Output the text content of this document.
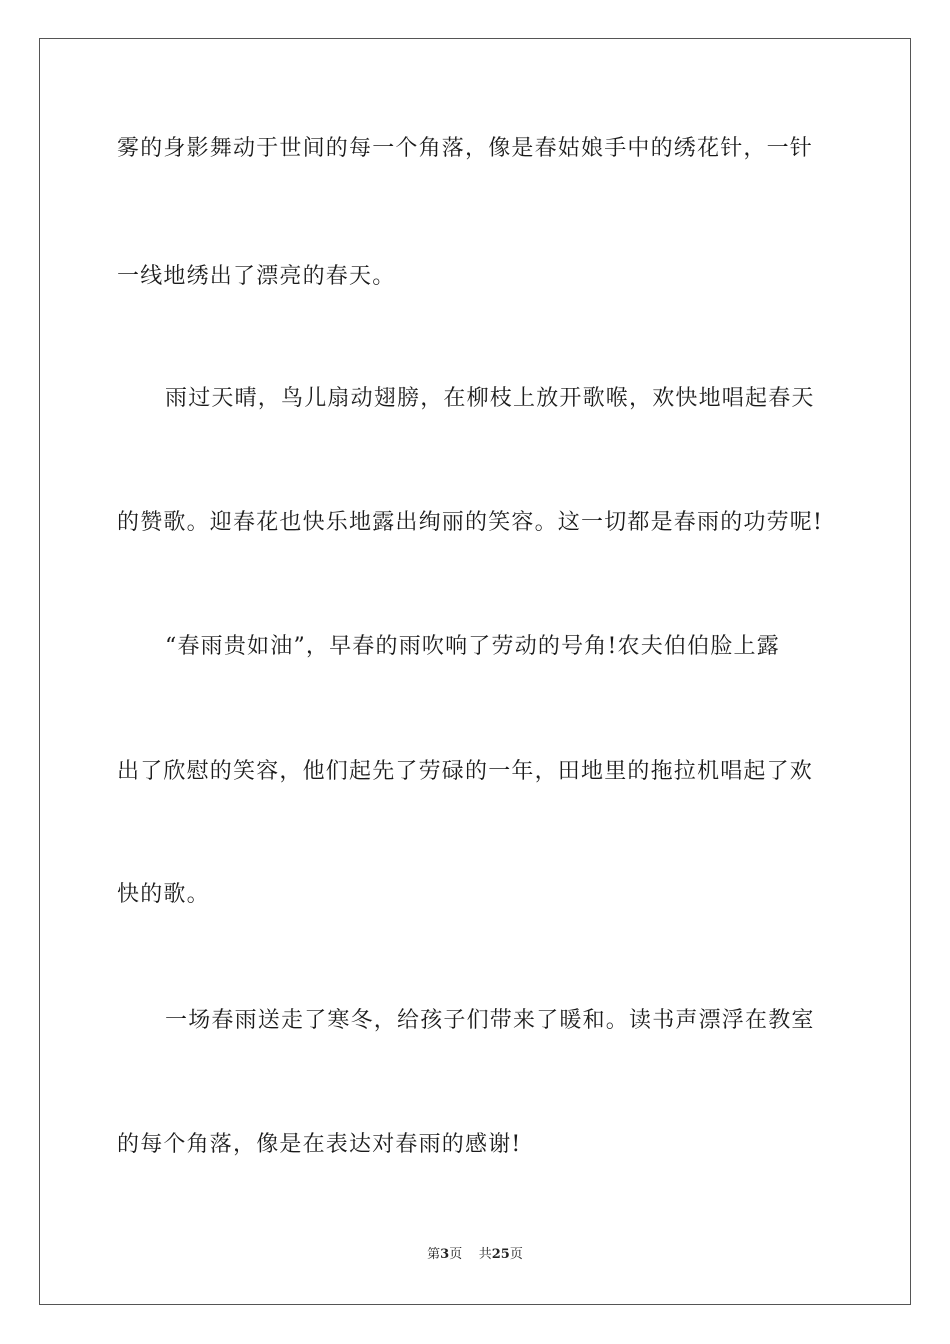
雾的身影舞动于世间的每一个角落，像是春姑娘手中的绣花针，一针
一线地绣出了漂亮的春天。
雨过天晴，鸟儿扇动翅膀，在柳枝上放开歌喉，欢快地唱起春天
的赞歌。迎春花也快乐地露出绚丽的笑容。这一切都是春雨的功劳呢!
“春雨贵如油”，早春的雨吹响了劳动的号角!农夫伯伯脸上露
出了欣慰的笑容，他们起先了劳碌的一年，田地里的拖拉机唱起了欢
快的歌。
一场春雨送走了寒冬，给孩子们带来了暖和。读书声漂浮在教室
的每个角落，像是在表达对春雨的感谢!
第3页 共25页
